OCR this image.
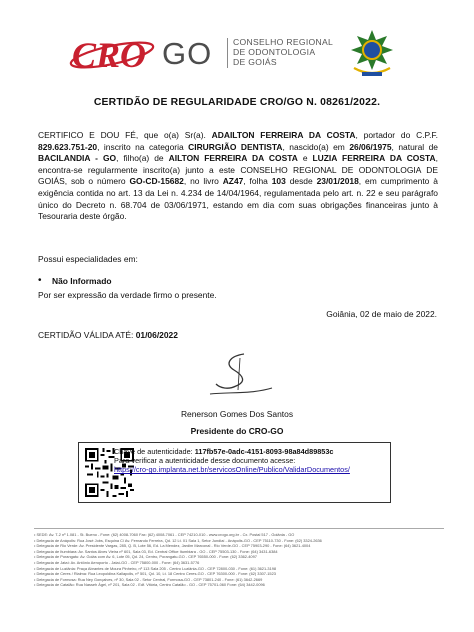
CRO GO CONSELHO REGIONAL
DE ODONTOLOGIA
DE GOIÁS
CERTIDÃO DE REGULARIDADE CRO/GO N. 08261/2022.
CERTIFICO E DOU FÉ, que o(a) Sr(a). ADAILTON FERREIRA DA COSTA, portador do C.P.F. 829.623.751-20, inscrito na categoria CIRURGIÃO DENTISTA, nascido(a) em 26/06/1975, natural de BACILANDIA - GO, filho(a) de AILTON FERREIRA DA COSTA e LUZIA FERREIRA DA COSTA, encontra-se regularmente inscrito(a) junto a este CONSELHO REGIONAL DE ODONTOLOGIA DE GOIÁS, sob o número GO-CD-15682, no livro AZ47, folha 103 desde 23/01/2018, em cumprimento à exigência contida no art. 13 da Lei n. 4.234 de 14/04/1964, regulamentada pelo art. n. 22 e seu parágrafo único do Decreto n. 68.704 de 03/06/1971, estando em dia com suas obrigações financeiras junto à Tesouraria deste órgão.
Possui especialidades em:
• Não Informado
Por ser expressão da verdade firmo o presente.
Goiânia, 02 de maio de 2022.
CERTIDÃO VÁLIDA ATÉ: 01/06/2022
Renerson Gomes Dos Santos
Presidente do CRO-GO
Chave de autenticidade: 117fb57e-0adc-4151-8093-98a84d89853c
Para verificar a autenticidade desse documento acesse:
https://cro-go.implanta.net.br/servicosOnline/Publico/ValidarDocumentos/
• SEDE: Av. T-2 nº 1.081 - St. Bueno - Fone: (62) 4008-7060 Fax: (62) 4008-7061 - CEP 74210-010 - www.crogo.org.br - Cx. Postal 517 - Goiânia - GO
• Delegacia de Anápolis: Rua José Jobs, Esquina C/ Av. Fernando Ferreira, Qd. 12 Lt. 01 Sala 1, Setor Jundiaí - Anápolis-GO - CEP 75110-730 - Fone: (62) 3324-2636
• Delegacia de Rio Verde: Av. Presidente Vargas, 285, Q. B, Lote 56, Ed. La Mendez, Jardim Marconal - Rio Verde-GO - CEP 75903-290 - Fone: (64) 3621-4004
• Delegacia de Itumbiara: Av. Santos Alves Vieira nº 601, Sala 03, Ed. Central Office Itumbiara - GO - CEP 75503-130 - Fone: (64) 3431-6384
• Delegacia de Porangatu: Av. Goiás com Av. 6, Lote 05, Qd. 24, Centro, Porangatu-GO - CEP 76550-000 - Fone: (62) 3362-4097
• Delegacia de Jataí: Av. Antônio Aeroporto - Jataí-GO - CEP 75800-000 - Fone: (64) 3631-5776
• Delegacia de Luziânia: Praça Abrantes de Moura Pinheiro, nº 113 Sala 205 - Centro Luziânia-GO - CEP 72800-030 - Fone: (61) 3621-3198
• Delegacia de Ceres / Rialma: Rua Leopoldina Kallapolis, nº 501, Qd. 10, Lt. 18 Centro Ceres-GO - CEP 76300-000 - Fone: (62) 3307-1523
• Delegacia de Formosa: Rua Ney Gonçalves, nº 30, Sala 02 - Setor Central, Formosa-GO - CEP 73801-240 - Fone: (61) 3642-2669
• Delegacia de Catalão: Rua Nasseh Ágel, nº 201, Sala 02 - Edf. Vitória, Centro Catalão - GO - CEP 75701-060 Fone: (64) 3442-0096
